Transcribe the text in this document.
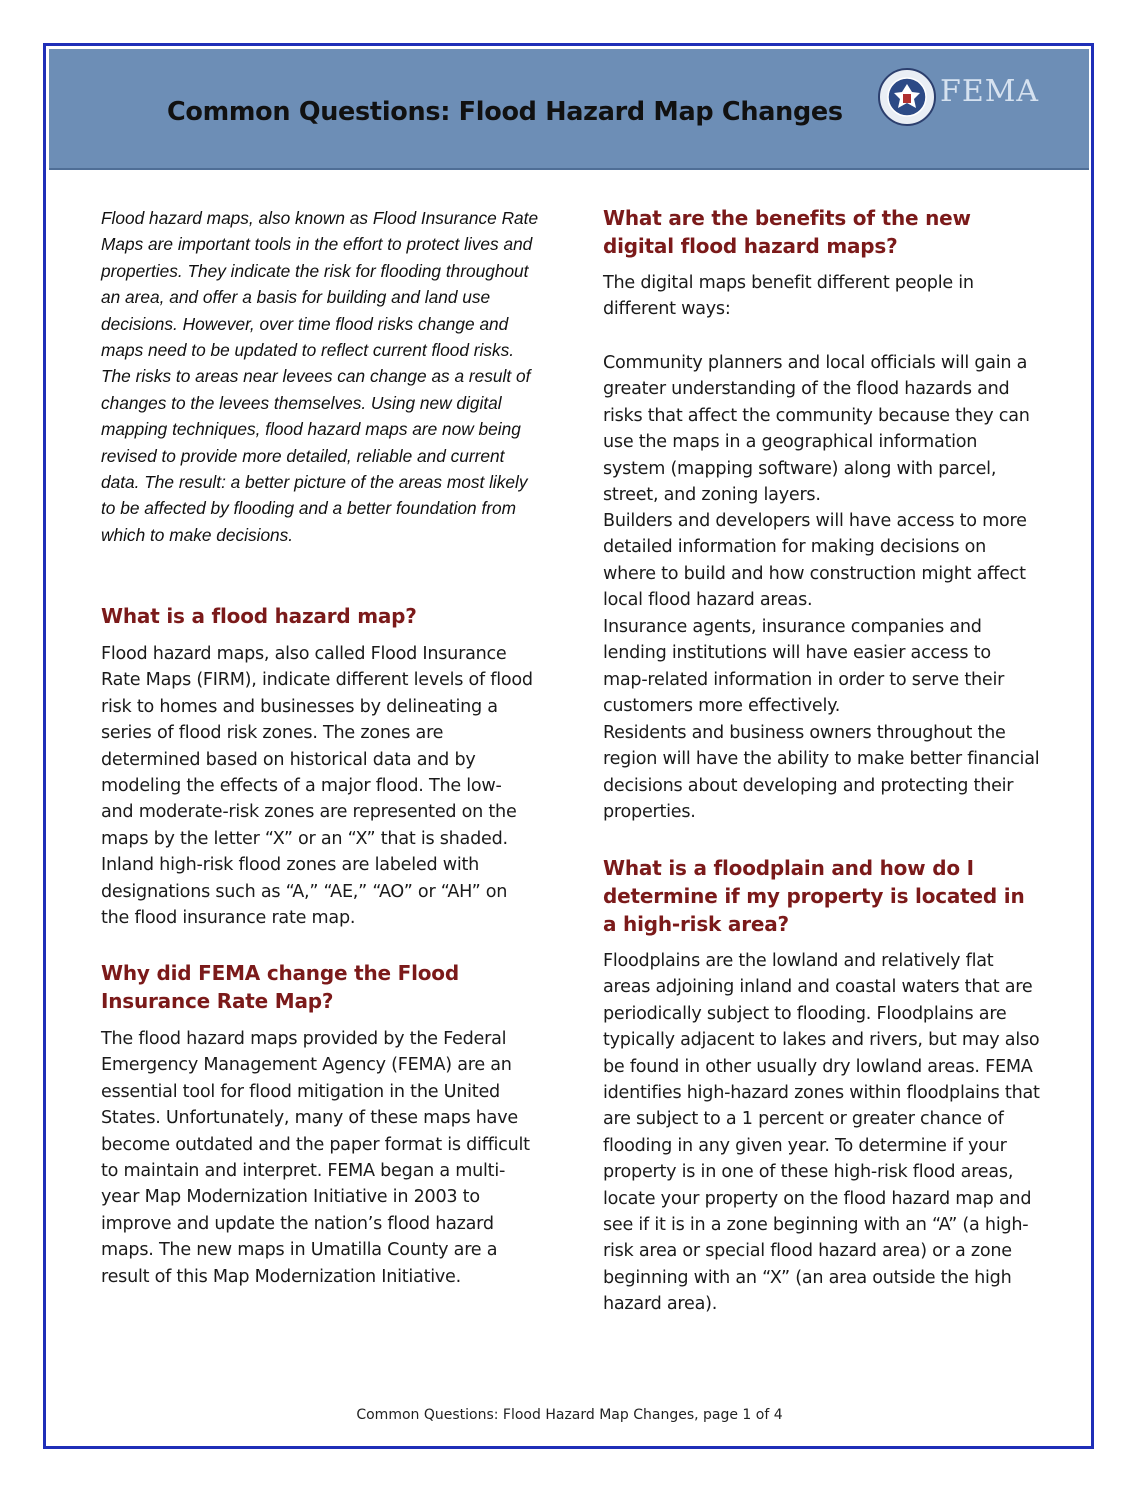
Common Questions: Flood Hazard Map Changes
FEMA

Flood hazard maps, also known as Flood Insurance Rate Maps are important tools in the effort to protect lives and properties. They indicate the risk for flooding throughout an area, and offer a basis for building and land use decisions. However, over time flood risks change and maps need to be updated to reflect current flood risks. The risks to areas near levees can change as a result of changes to the levees themselves. Using new digital mapping techniques, flood hazard maps are now being revised to provide more detailed, reliable and current data. The result: a better picture of the areas most likely to be affected by flooding and a better foundation from which to make decisions.

What is a flood hazard map?

Flood hazard maps, also called Flood Insurance Rate Maps (FIRM), indicate different levels of flood risk to homes and businesses by delineating a series of flood risk zones. The zones are determined based on historical data and by modeling the effects of a major flood. The low- and moderate-risk zones are represented on the maps by the letter “X” or an “X” that is shaded. Inland high-risk flood zones are labeled with designations such as “A,” “AE,” “AO” or “AH” on the flood insurance rate map.

Why did FEMA change the Flood Insurance Rate Map?

The flood hazard maps provided by the Federal Emergency Management Agency (FEMA) are an essential tool for flood mitigation in the United States. Unfortunately, many of these maps have become outdated and the paper format is difficult to maintain and interpret. FEMA began a multi-year Map Modernization Initiative in 2003 to improve and update the nation’s flood hazard maps. The new maps in Umatilla County are a result of this Map Modernization Initiative.

What are the benefits of the new digital flood hazard maps?

The digital maps benefit different people in different ways:

Community planners and local officials will gain a greater understanding of the flood hazards and risks that affect the community because they can use the maps in a geographical information system (mapping software) along with parcel, street, and zoning layers.

Builders and developers will have access to more detailed information for making decisions on where to build and how construction might affect local flood hazard areas.

Insurance agents, insurance companies and lending institutions will have easier access to map-related information in order to serve their customers more effectively.

Residents and business owners throughout the region will have the ability to make better financial decisions about developing and protecting their properties.

What is a floodplain and how do I determine if my property is located in a high-risk area?

Floodplains are the lowland and relatively flat areas adjoining inland and coastal waters that are periodically subject to flooding. Floodplains are typically adjacent to lakes and rivers, but may also be found in other usually dry lowland areas. FEMA identifies high-hazard zones within floodplains that are subject to a 1 percent or greater chance of flooding in any given year. To determine if your property is in one of these high-risk flood areas, locate your property on the flood hazard map and see if it is in a zone beginning with an “A” (a high-risk area or special flood hazard area) or a zone beginning with an “X” (an area outside the high hazard area).

Common Questions: Flood Hazard Map Changes, page 1 of 4
